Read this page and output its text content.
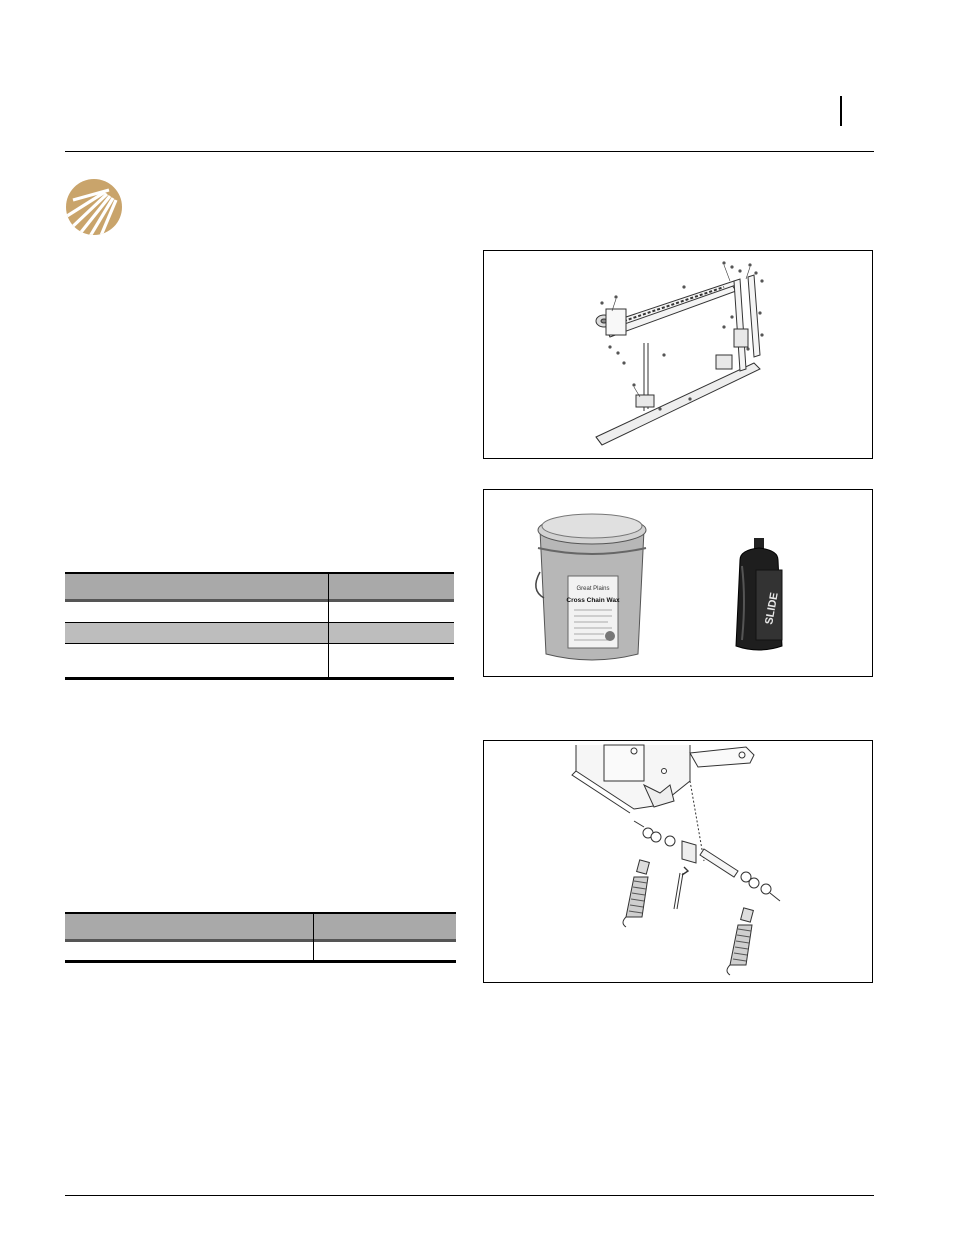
Great Plains
Cross Chain Wax	SLIDE
